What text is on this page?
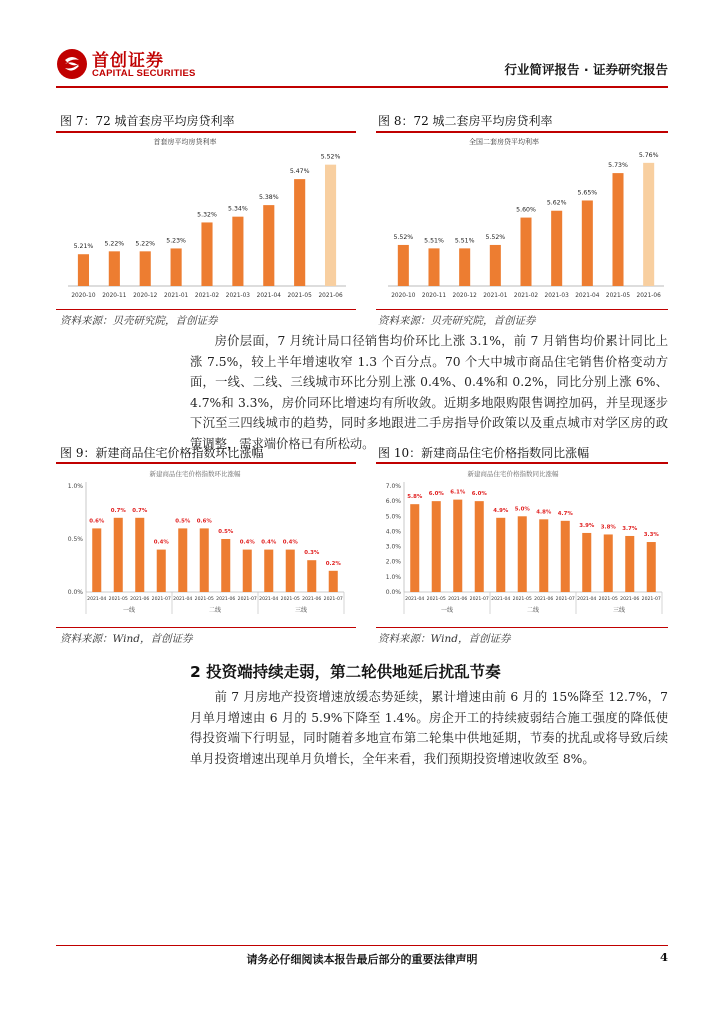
首创证券
CAPITAL SECURITIES	行业简评报告 · 证券研究报告
图 7：72 城首套房平均房贷利率	图 8：72 城二套房平均房贷利率
首套房平均房贷利率
5.21%
2020-10
5.22%
2020-11
5.22%
2020-12
5.23%
2021-01
5.32%
2021-02
5.34%
2021-03
5.38%
2021-04
5.47%
2021-05
5.52%
2021-06
全国二套房贷平均利率
5.52%
2020-10
5.51%
2020-11
5.51%
2020-12
5.52%
2021-01
5.60%
2021-02
5.62%
2021-03
5.65%
2021-04
5.73%
2021-05
5.76%
2021-06
资料来源：贝壳研究院，首创证券	资料来源：贝壳研究院，首创证券
房价层面，7 月统计局口径销售均价环比上涨 3.1%，前 7 月销售均价累计同比上涨 7.5%，较上半年增速收窄 1.3 个百分点。70 个大中城市商品住宅销售价格变动方面，一线、二线、三线城市环比分别上涨 0.4%、0.4%和 0.2%，同比分别上涨 6%、4.7%和 3.3%，房价同环比增速均有所收敛。近期多地限购限售调控加码，并呈现逐步下沉至三四线城市的趋势，同时多地跟进二手房指导价政策以及重点城市对学区房的政策调整，需求端价格已有所松动。
图 9：新建商品住宅价格指数环比涨幅	图 10：新建商品住宅价格指数同比涨幅
新建商品住宅价格指数环比涨幅
0.0%
0.5%
1.0%
0.6%
2021-04
0.7%
2021-05
0.7%
2021-06
0.4%
2021-07
0.5%
2021-04
0.6%
2021-05
0.5%
2021-06
0.4%
2021-07
0.4%
2021-04
0.4%
2021-05
0.3%
2021-06
0.2%
2021-07
一线	二线	三线
新建商品住宅价格指数同比涨幅
0.0%
1.0%
2.0%
3.0%
4.0%
5.0%
6.0%
7.0%
5.8%
2021-04
6.0%
2021-05
6.1%
2021-06
6.0%
2021-07
4.9%
2021-04
5.0%
2021-05
4.8%
2021-06
4.7%
2021-07
3.9%
2021-04
3.8%
2021-05
3.7%
2021-06
3.3%
2021-07
一线	二线	三线
资料来源：Wind，首创证券	资料来源：Wind，首创证券
2 投资端持续走弱，第二轮供地延后扰乱节奏
前 7 月房地产投资增速放缓态势延续，累计增速由前 6 月的 15%降至 12.7%，7 月单月增速由 6 月的 5.9%下降至 1.4%。房企开工的持续疲弱结合施工强度的降低使得投资端下行明显，同时随着多地宣布第二轮集中供地延期，节奏的扰乱或将导致后续单月投资增速出现单月负增长，全年来看，我们预期投资增速收敛至 8%。
请务必仔细阅读本报告最后部分的重要法律声明	4
